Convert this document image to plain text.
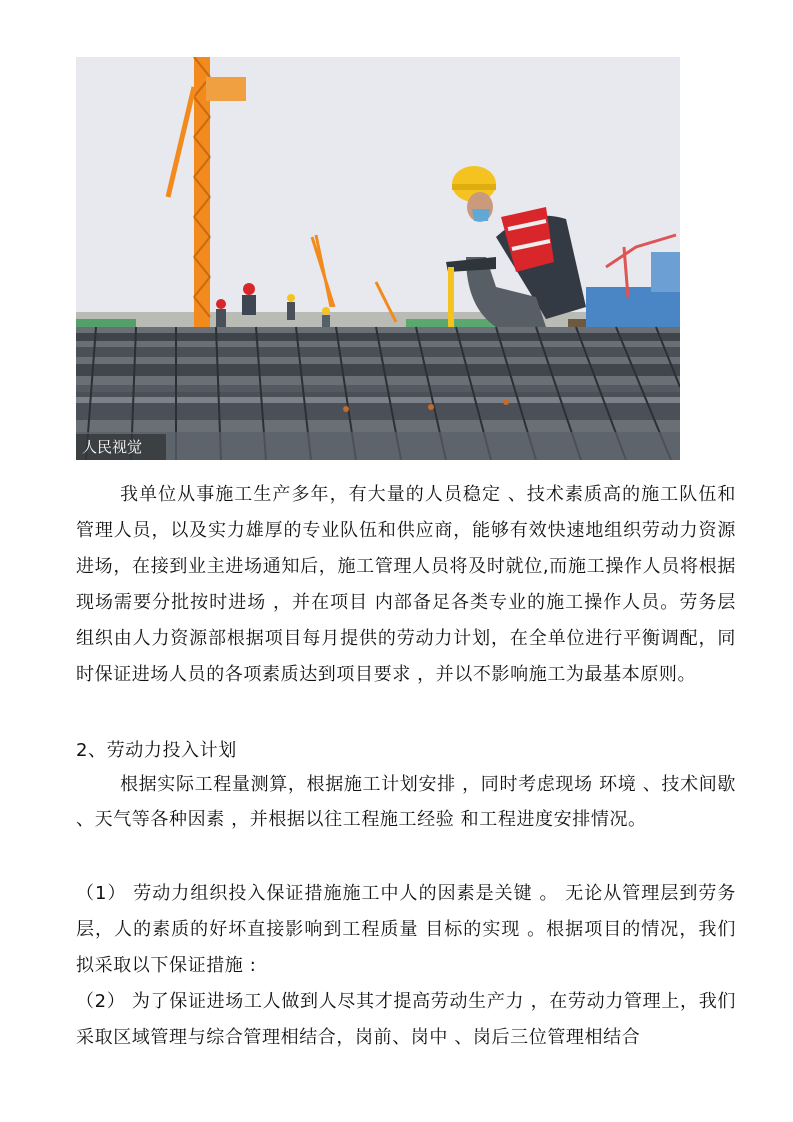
人民视觉

我单位从事施工生产多年，有大量的人员稳定 、技术素质高的施工队伍和管理人员，以及实力雄厚的专业队伍和供应商，能够有效快速地组织劳动力资源进场，在接到业主进场通知后，施工管理人员将及时就位,而施工操作人员将根据现场需要分批按时进场 ，并在项目 内部备足各类专业的施工操作人员。劳务层组织由人力资源部根据项目每月提供的劳动力计划，在全单位进行平衡调配，同时保证进场人员的各项素质达到项目要求 ，并以不影响施工为最基本原则。

2、劳动力投入计划

根据实际工程量测算，根据施工计划安排 ，同时考虑现场 环境 、技术间歇 、天气等各种因素 ，并根据以往工程施工经验 和工程进度安排情况。

（1） 劳动力组织投入保证措施施工中人的因素是关键 。 无论从管理层到劳务层，人的素质的好坏直接影响到工程质量 目标的实现 。根据项目的情况，我们拟采取以下保证措施 :

（2） 为了保证进场工人做到人尽其才提高劳动生产力 ，在劳动力管理上，我们采取区域管理与综合管理相结合，岗前、岗中 、岗后三位管理相结合
